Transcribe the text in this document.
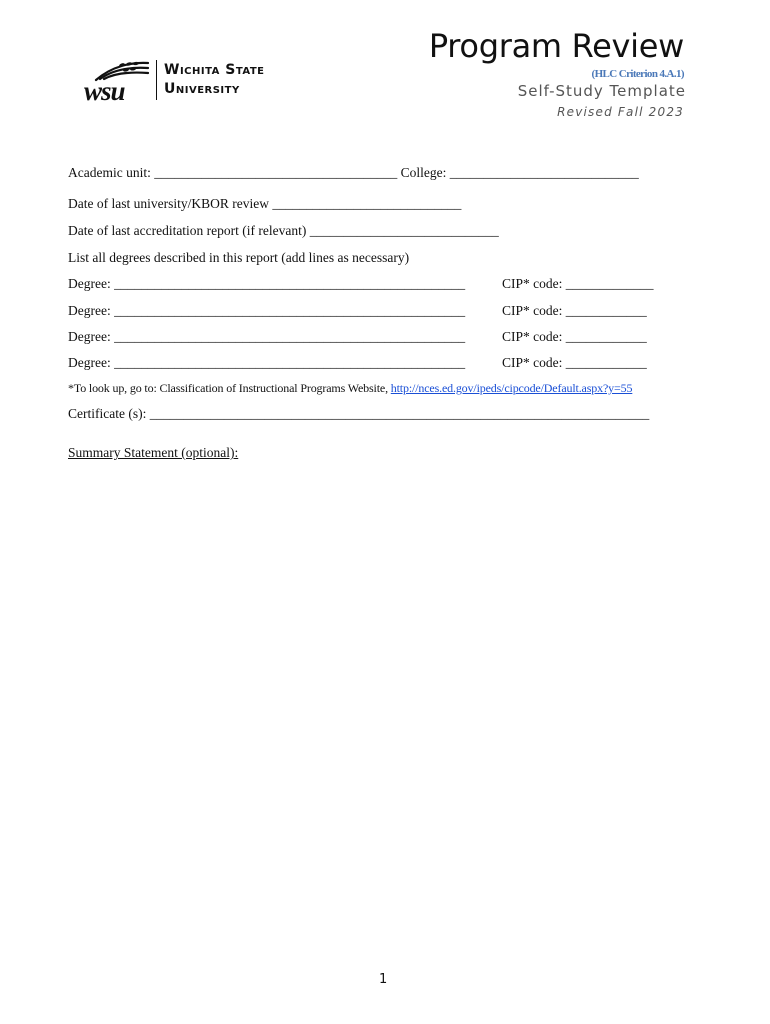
wsu
Wichita State
University
Program Review
(HLC Criterion 4.A.1)
Self-Study Template
Revised Fall 2023
Academic unit: ____________________________________ College: ____________________________
Date of last university/KBOR review ____________________________
Date of last accreditation report (if relevant) ____________________________
List all degrees described in this report (add lines as necessary)
Degree: ____________________________________________________	CIP* code: _____________
Degree: ____________________________________________________	CIP* code: ____________
Degree: ____________________________________________________	CIP* code: ____________
Degree: ____________________________________________________	CIP* code: ____________
*To look up, go to: Classification of Instructional Programs Website, http://nces.ed.gov/ipeds/cipcode/Default.aspx?y=55
Certificate (s): __________________________________________________________________________
Summary Statement (optional):
1
